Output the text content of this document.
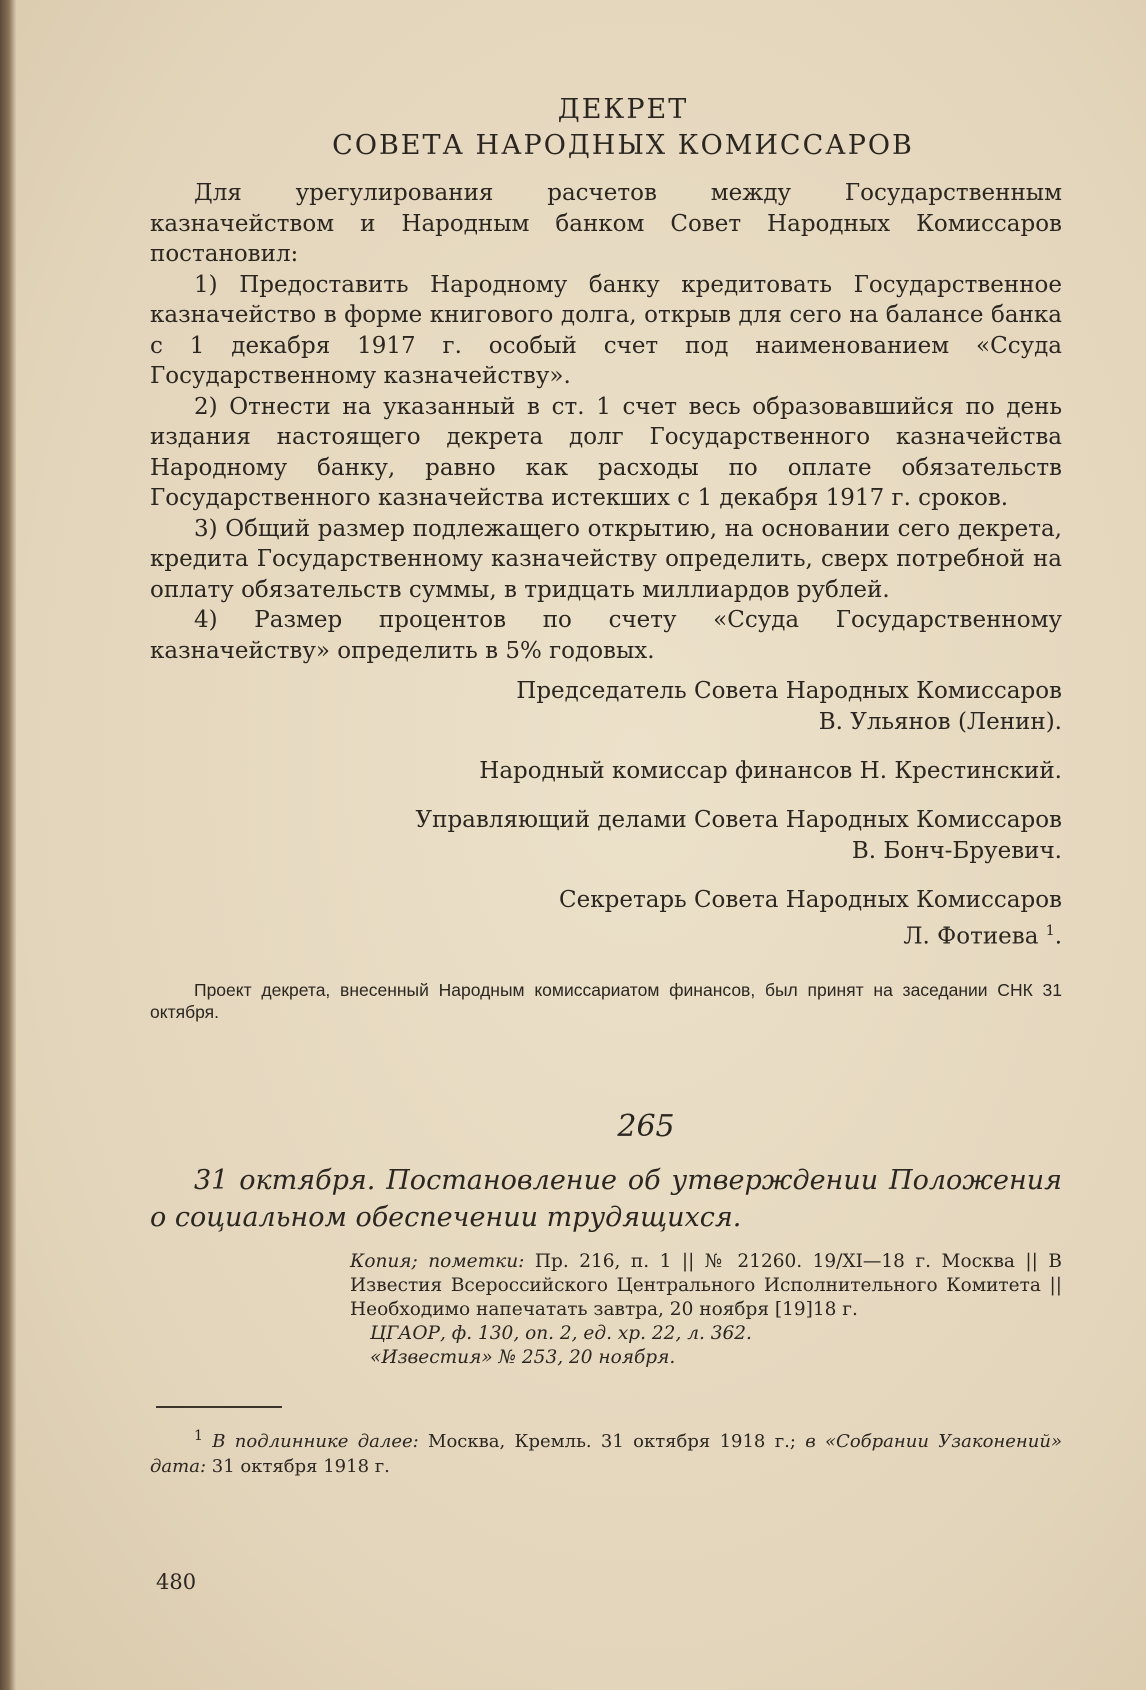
ДЕКРЕТ
СОВЕТА НАРОДНЫХ КОМИССАРОВ

Для урегулирования расчетов между Государственным казначейством и Народным банком Совет Народных Комиссаров постановил:

1) Предоставить Народному банку кредитовать Государственное казначейство в форме книгового долга, открыв для сего на балансе банка с 1 декабря 1917 г. особый счет под наименованием «Ссуда Государственному казначейству».

2) Отнести на указанный в ст. 1 счет весь образовавшийся по день издания настоящего декрета долг Государственного казначейства Народному банку, равно как расходы по оплате обязательств Государственного казначейства истекших с 1 декабря 1917 г. сроков.

3) Общий размер подлежащего открытию, на основании сего декрета, кредита Государственному казначейству определить, сверх потребной на оплату обязательств суммы, в тридцать миллиардов рублей.

4) Размер процентов по счету «Ссуда Государственному казначейству» определить в 5% годовых.

Председатель Совета Народных Комиссаров
В. Ульянов (Ленин).
Народный комиссар финансов Н. Крестинский.
Управляющий делами Совета Народных Комиссаров
В. Бонч-Бруевич.
Секретарь Совета Народных Комиссаров
Л. Фотиева $^1$.

Проект декрета, внесенный Народным комиссариатом финансов, был принят на заседании СНК 31 октября.

265

31 октября. Постановление об утверждении Положения о социальном обеспечении трудящихся.

Копия; пометки: Пр. 216, п. 1 || № 21260. 19/XI—18 г. Москва || В Известия Всероссийского Центрального Исполнительного Комитета || Необходимо напечатать завтра, 20 ноября [19]18 г.
ЦГАОР, ф. 130, оп. 2, ед. хр. 22, л. 362.
«Известия» № 253, 20 ноября.

$^1$ В подлиннике далее: Москва, Кремль. 31 октября 1918 г.; в «Собрании Узаконений» дата: 31 октября 1918 г.

480
